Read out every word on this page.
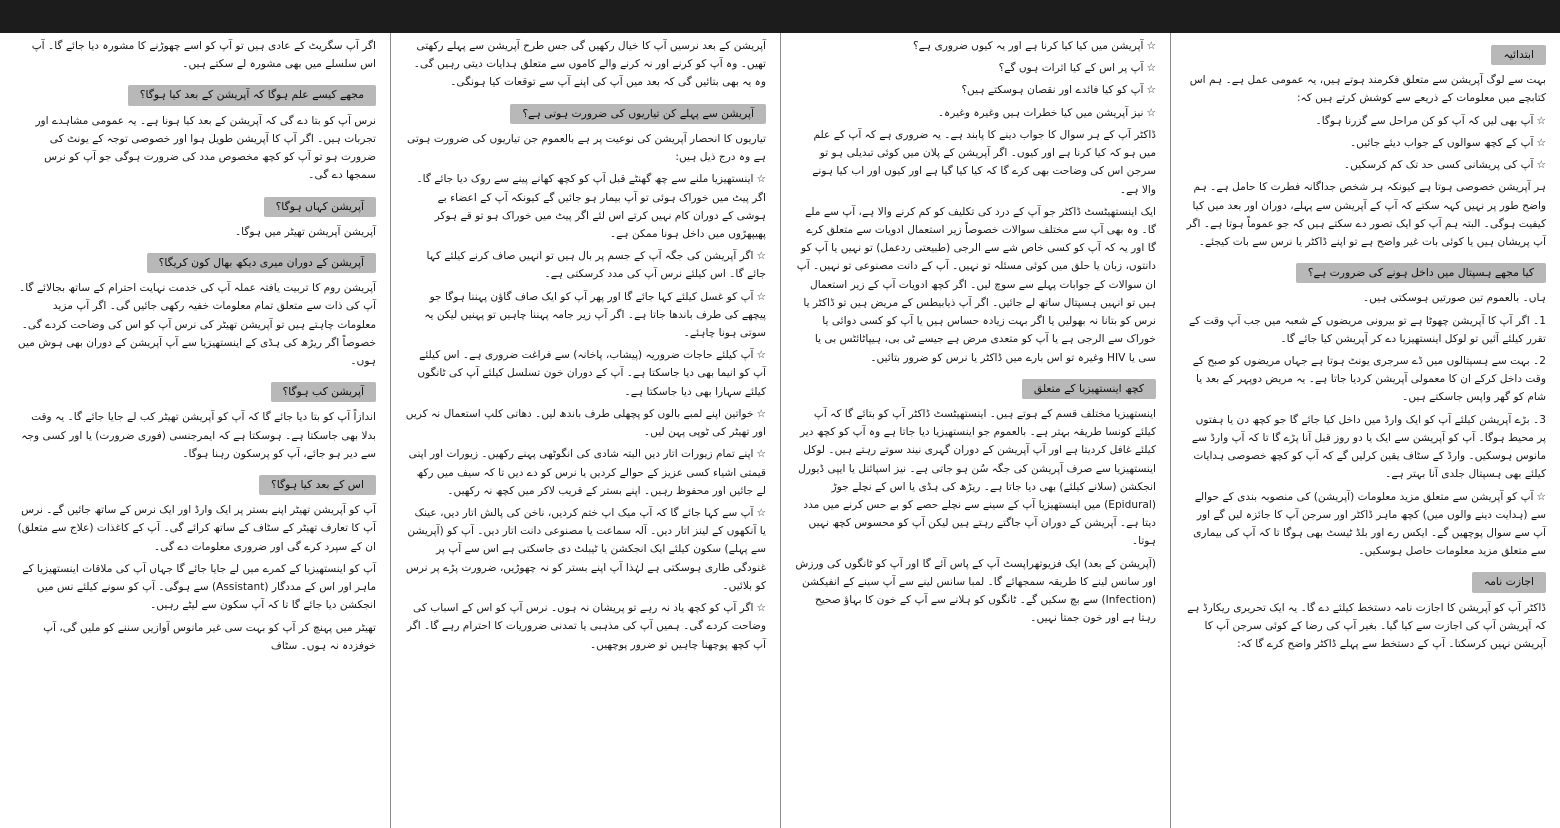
اگر آپ سگریٹ کے عادی ہیں تو آپ کو اسے چھوڑنے کا مشورہ دیا جائے گا۔ آپ اس سلسلے میں بھی مشورہ لے سکتے ہیں۔

مجھے کیسے علم ہوگا کہ آپریشن کے بعد کیا ہوگا؟

نرس آپ کو بتا دے گی کہ آپریشن کے بعد کیا ہونا ہے۔ یہ عمومی مشاہدے اور تجربات ہیں۔ اگر آپ کا آپریشن طویل ہوا اور خصوصی توجہ کے یونٹ کی ضرورت ہو تو آپ کو کچھ مخصوص مدد کی ضرورت ہوگی جو آپ کو نرس سمجھا دے گی۔

آپریشن کہاں ہوگا؟

آپریشن آپریشن تھیٹر میں ہوگا۔

آپریشن کے دوران میری دیکھ بھال کون کریگا؟

آپریشن روم کا تربیت یافتہ عملہ آپ کی خدمت نہایت احترام کے ساتھ بجالائے گا۔ آپ کی ذات سے متعلق تمام معلومات خفیہ رکھی جائیں گی۔ اگر آپ مزید معلومات چاہتے ہیں تو آپریشن تھیٹر کی نرس آپ کو اس کی وضاحت کردے گی۔ خصوصاً اگر ریڑھ کی ہڈی کے اینستھیزیا سے آپ آپریشن کے دوران بھی ہوش میں ہوں۔

آپریشن کب ہوگا؟

اندازاً آپ کو بتا دیا جائے گا کہ آپ کو آپریشن تھیٹر کب لے جایا جائے گا۔ یہ وقت بدلا بھی جاسکتا ہے۔ ہوسکتا ہے کہ ایمرجنسی (فوری ضرورت) یا اور کسی وجہ سے دیر ہو جائے، آپ کو پرسکون رہنا ہوگا۔

اس کے بعد کیا ہوگا؟

آپ کو آپریشن تھیٹر اپنے بستر پر ایک وارڈ اور ایک نرس کے ساتھ جائیں گے۔ نرس آپ کا تعارف تھیٹر کے سٹاف کے ساتھ کرائے گی۔ آپ کے کاغذات (علاج سے متعلق) ان کے سپرد کرے گی اور ضروری معلومات دے گی۔

آپ کو اینستھیزیا کے کمرے میں لے جایا جائے گا جہاں آپ کی ملاقات اینستھیزیا کے ماہر اور اس کے مددگار (Assistant) سے ہوگی۔ آپ کو سونے کیلئے نس میں انجکشن دیا جائے گا تا کہ آپ سکون سے لیٹے رہیں۔

تھیٹر میں پہنچ کر آپ کو بہت سی غیر مانوس آوازیں سننے کو ملیں گی، آپ خوفزدہ نہ ہوں۔ سٹاف

آپریشن کے بعد نرسیں آپ کا خیال رکھیں گی جس طرح آپریشن سے پہلے رکھتی تھیں۔ وہ آپ کو کرنے اور نہ کرنے والے کاموں سے متعلق ہدایات دیتی رہیں گی۔ وہ یہ بھی بتائیں گی کہ بعد میں آپ کی اپنے آپ سے توقعات کیا ہونگی۔

آپریشن سے پہلے کن تیاریوں کی ضرورت ہوتی ہے؟

تیاریوں کا انحصار آپریشن کی نوعیت پر ہے بالعموم جن تیاریوں کی ضرورت ہوتی ہے وہ درج ذیل ہیں:

☆ اینستھیزیا ملنے سے چھ گھنٹے قبل آپ کو کچھ کھانے پینے سے روک دیا جائے گا۔ اگر پیٹ میں خوراک ہوئی تو آپ بیمار ہو جائیں گے کیونکہ آپ کے اعضاء بے ہوشی کے دوران کام نہیں کرتے اس لئے اگر پیٹ میں خوراک ہو تو قے ہوکر پھیپھڑوں میں داخل ہونا ممکن ہے۔

☆ اگر آپریشن کی جگہ آپ کے جسم پر بال ہیں تو انہیں صاف کرنے کیلئے کہا جائے گا۔ اس کیلئے نرس آپ کی مدد کرسکتی ہے۔

☆ آپ کو غسل کیلئے کہا جائے گا اور پھر آپ کو ایک صاف گاؤن پہننا ہوگا جو پیچھے کی طرف باندھا جاتا ہے۔ اگر آپ زیر جامہ پہننا چاہیں تو پہنیں لیکن یہ سوتی ہونا چاہئے۔

☆ آپ کیلئے حاجات ضروریہ (پیشاب، پاخانہ) سے فراغت ضروری ہے۔ اس کیلئے آپ کو انیما بھی دیا جاسکتا ہے۔ آپ کے دوران خون تسلسل کیلئے آپ کی ٹانگوں کیلئے سہارا بھی دیا جاسکتا ہے۔

☆ خواتین اپنے لمبے بالوں کو پچھلی طرف باندھ لیں۔ دھاتی کلپ استعمال نہ کریں اور تھیٹر کی ٹوپی پہن لیں۔

☆ اپنے تمام زیورات اتار دیں البتہ شادی کی انگوٹھی پہنے رکھیں۔ زیورات اور اپنی قیمتی اشیاء کسی عزیز کے حوالے کردیں یا نرس کو دے دیں تا کہ سیف میں رکھ لے جائیں اور محفوظ رہیں۔ اپنے بستر کے قریب لاکر میں کچھ نہ رکھیں۔

☆ آپ سے کہا جائے گا کہ آپ میک اپ ختم کردیں، ناخن کی پالش اتار دیں، عینک یا آنکھوں کے لینز اتار دیں۔ آلہ سماعت یا مصنوعی دانت اتار دیں۔ آپ کو (آپریشن سے پہلے) سکون کیلئے ایک انجکشن یا ٹیبلٹ دی جاسکتی ہے اس سے آپ پر غنودگی طاری ہوسکتی ہے لہٰذا آپ اپنے بستر کو نہ چھوڑیں، ضرورت پڑے پر نرس کو بلائیں۔

☆ اگر آپ کو کچھ یاد نہ رہے تو پریشان نہ ہوں۔ نرس آپ کو اس کے اسباب کی وضاحت کردے گی۔ ہمیں آپ کی مذہبی یا تمدنی ضروریات کا احترام رہے گا۔ اگر آپ کچھ پوچھنا چاہیں تو ضرور پوچھیں۔

☆ آپریشن میں کیا کیا کرنا ہے اور یہ کیوں ضروری ہے؟

☆ آپ پر اس کے کیا اثرات ہوں گے؟

☆ آپ کو کیا فائدے اور نقصان ہوسکتے ہیں؟

☆ نیز آپریشن میں کیا خطرات ہیں وغیرہ وغیرہ۔

ڈاکٹر آپ کے ہر سوال کا جواب دینے کا پابند ہے۔ یہ ضروری ہے کہ آپ کے علم میں ہو کہ کیا کرنا ہے اور کیوں۔ اگر آپریشن کے پلان میں کوئی تبدیلی ہو تو سرجن اس کی وضاحت بھی کرے گا کہ کیا کیا گیا ہے اور کیوں اور اب کیا ہونے والا ہے۔

ایک اینستھیٹسٹ ڈاکٹر جو آپ کے درد کی تکلیف کو کم کرنے والا ہے، آپ سے ملے گا۔ وہ بھی آپ سے مختلف سوالات خصوصاً زیر استعمال ادویات سے متعلق کرے گا اور یہ کہ آپ کو کسی خاص شے سے الرجی (طبیعتی ردعمل) تو نہیں یا آپ کو دانتوں، زبان یا حلق میں کوئی مسئلہ تو نہیں۔ آپ کے دانت مصنوعی تو نہیں۔ آپ ان سوالات کے جوابات پہلے سے سوچ لیں۔ اگر کچھ ادویات آپ کے زیر استعمال ہیں تو انہیں ہسپتال ساتھ لے جائیں۔ اگر آپ ذیابیطس کے مریض ہیں تو ڈاکٹر یا نرس کو بتانا نہ بھولیں یا اگر بہت زیادہ حساس ہیں یا آپ کو کسی دوائی یا خوراک سے الرجی ہے یا آپ کو متعدی مرض ہے جیسے ٹی بی، ہیپاٹائٹس بی یا سی یا HIV وغیرہ تو اس بارے میں ڈاکٹر یا نرس کو ضرور بتائیں۔

کچھ اینستھیزیا کے متعلق

اینستھیزیا مختلف قسم کے ہوتے ہیں۔ اینستھیٹسٹ ڈاکٹر آپ کو بتائے گا کہ آپ کیلئے کونسا طریقہ بہتر ہے۔ بالعموم جو اینستھیزیا دیا جاتا ہے وہ آپ کو کچھ دیر کیلئے غافل کردیتا ہے اور آپ آپریشن کے دوران گہری نیند سوتے رہتے ہیں۔ لوکل اینستھیزیا سے صرف آپریشن کی جگہ سُن ہو جاتی ہے۔ نیز اسپائنل یا ایپی ڈیورل انجکشن (سلانے کیلئے) بھی دیا جاتا ہے۔ ریڑھ کی ہڈی یا اس کے نچلے جوڑ (Epidural) میں اینستھیزیا آپ کے سینے سے نچلے حصے کو بے حس کرنے میں مدد دیتا ہے۔ آپریشن کے دوران آپ جاگتے رہتے ہیں لیکن آپ کو محسوس کچھ نہیں ہوتا۔

(آپریشن کے بعد) ایک فزیوتھراپسٹ آپ کے پاس آئے گا اور آپ کو ٹانگوں کی ورزش اور سانس لینے کا طریقہ سمجھائے گا۔ لمبا سانس لینے سے آپ سینے کے انفیکشن (Infection) سے بچ سکیں گے۔ ٹانگوں کو ہلانے سے آپ کے خون کا بہاؤ صحیح رہتا ہے اور خون جمتا نہیں۔

ابتدائیہ

بہت سے لوگ آپریشن سے متعلق فکرمند ہوتے ہیں، یہ عمومی عمل ہے۔ ہم اس کتابچے میں معلومات کے ذریعے سے کوشش کرتے ہیں کہ:

☆ آپ بھی لیں کہ آپ کو کن مراحل سے گزرنا ہوگا۔

☆ آپ کے کچھ سوالوں کے جواب دیئے جائیں۔

☆ آپ کی پریشانی کسی حد تک کم کرسکیں۔

ہر آپریشن خصوصی ہوتا ہے کیونکہ ہر شخص جداگانہ فطرت کا حامل ہے۔ ہم واضح طور پر نہیں کہہ سکتے کہ آپ کے آپریشن سے پہلے، دوران اور بعد میں کیا کیفیت ہوگی۔ البتہ ہم آپ کو ایک تصور دے سکتے ہیں کہ جو عموماً ہوتا ہے۔ اگر آپ پریشان ہیں یا کوئی بات غیر واضح ہے تو اپنے ڈاکٹر یا نرس سے بات کیجئے۔

کیا مجھے ہسپتال میں داخل ہونے کی ضرورت ہے؟

ہاں۔ بالعموم تین صورتیں ہوسکتی ہیں۔

1۔ اگر آپ کا آپریشن چھوٹا ہے تو بیرونی مریضوں کے شعبہ میں جب آپ وقت کے تقرر کیلئے آئیں تو لوکل اینستھیزیا دے کر آپریشن کیا جائے گا۔

2۔ بہت سے ہسپتالوں میں ڈے سرجری یونٹ ہوتا ہے جہاں مریضوں کو صبح کے وقت داخل کرکے ان کا معمولی آپریشن کردیا جاتا ہے۔ یہ مریض دوپہر کے بعد یا شام کو گھر واپس جاسکتے ہیں۔

3۔ بڑے آپریشن کیلئے آپ کو ایک وارڈ میں داخل کیا جائے گا جو کچھ دن یا ہفتوں پر محیط ہوگا۔ آپ کو آپریشن سے ایک یا دو روز قبل آنا پڑے گا تا کہ آپ وارڈ سے مانوس ہوسکیں۔ وارڈ کے سٹاف یقین کرلیں گے کہ آپ کو کچھ خصوصی ہدایات کیلئے بھی ہسپتال جلدی آنا بہتر ہے۔

☆ آپ کو آپریشن سے متعلق مزید معلومات (آپریشن) کی منصوبہ بندی کے حوالے سے (ہدایت دینے والوں میں) کچھ ماہر ڈاکٹر اور سرجن آپ کا جائزہ لیں گے اور آپ سے سوال پوچھیں گے۔ ایکس رے اور بلڈ ٹیسٹ بھی ہوگا تا کہ آپ کی بیماری سے متعلق مزید معلومات حاصل ہوسکیں۔

اجازت نامہ

ڈاکٹر آپ کو آپریشن کا اجازت نامہ دستخط کیلئے دے گا۔ یہ ایک تحریری ریکارڈ ہے کہ آپریشن آپ کی اجازت سے کیا گیا۔ بغیر آپ کی رضا کے کوئی سرجن آپ کا آپریشن نہیں کرسکتا۔ آپ کے دستخط سے پہلے ڈاکٹر واضح کرے گا کہ:
